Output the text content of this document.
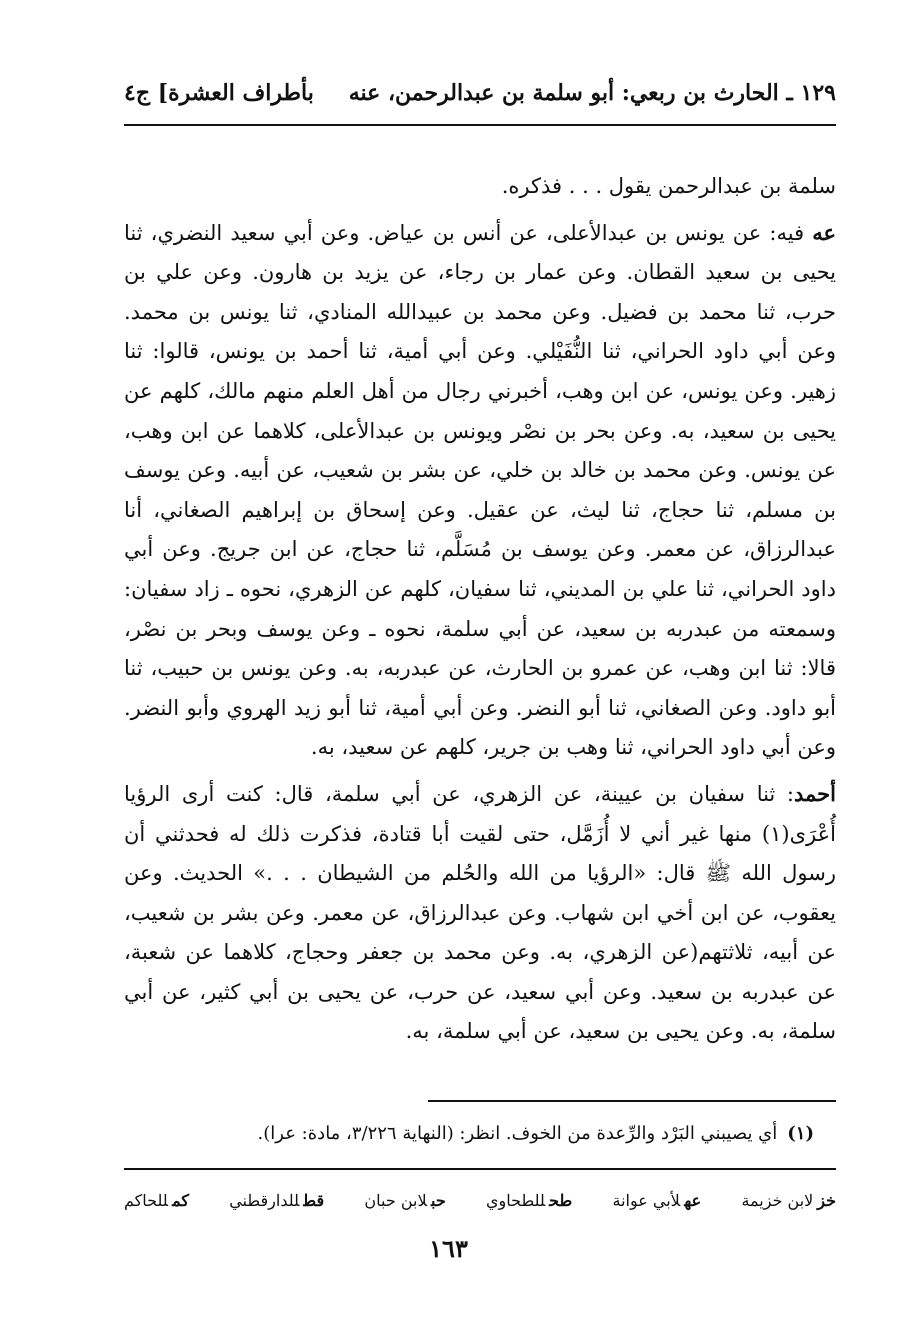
١٢٩ ـ الحارث بن ربعي: أبو سلمة بن عبدالرحمن، عنه
بأطراف العشرة] ج٤

سلمة بن عبدالرحمن يقول . . . فذكره.

عه فيه: عن يونس بن عبدالأعلى، عن أنس بن عياض. وعن أبي سعيد النضري، ثنا يحيى بن سعيد القطان. وعن عمار بن رجاء، عن يزيد بن هارون. وعن علي بن حرب، ثنا محمد بن فضيل. وعن محمد بن عبيدالله المنادي، ثنا يونس بن محمد. وعن أبي داود الحراني، ثنا النُّفَيْلي. وعن أبي أمية، ثنا أحمد بن يونس، قالوا: ثنا زهير. وعن يونس، عن ابن وهب، أخبرني رجال من أهل العلم منهم مالك، كلهم عن يحيى بن سعيد، به. وعن بحر بن نصْر ويونس بن عبدالأعلى، كلاهما عن ابن وهب، عن يونس. وعن محمد بن خالد بن خلي، عن بشر بن شعيب، عن أبيه. وعن يوسف بن مسلم، ثنا حجاج، ثنا ليث، عن عقيل. وعن إسحاق بن إبراهيم الصغاني، أنا عبدالرزاق، عن معمر. وعن يوسف بن مُسَلَّم، ثنا حجاج، عن ابن جريج. وعن أبي داود الحراني، ثنا علي بن المديني، ثنا سفيان، كلهم عن الزهري، نحوه ـ زاد سفيان: وسمعته من عبدربه بن سعيد، عن أبي سلمة، نحوه ـ وعن يوسف وبحر بن نصْر، قالا: ثنا ابن وهب، عن عمرو بن الحارث، عن عبدربه، به. وعن يونس بن حبيب، ثنا أبو داود. وعن الصغاني، ثنا أبو النضر. وعن أبي أمية، ثنا أبو زيد الهروي وأبو النضر. وعن أبي داود الحراني، ثنا وهب بن جرير، كلهم عن سعيد، به.

أحمد: ثنا سفيان بن عيينة، عن الزهري، عن أبي سلمة، قال: كنت أرى الرؤيا أُعْرَى(١) منها غير أني لا أُزَمَّل، حتى لقيت أبا قتادة، فذكرت ذلك له فحدثني أن رسول الله ﷺ قال: «الرؤيا من الله والحُلم من الشيطان . . .» الحديث. وعن يعقوب، عن ابن أخي ابن شهاب. وعن عبدالرزاق، عن معمر. وعن بشر بن شعيب، عن أبيه، ثلاثتهم(عن الزهري، به. وعن محمد بن جعفر وحجاج، كلاهما عن شعبة، عن عبدربه بن سعيد. وعن أبي سعيد، عن حرب، عن يحيى بن أبي كثير، عن أبي سلمة، به. وعن يحيى بن سعيد، عن أبي سلمة، به.

(١)أي يصيبني البَرْد والرِّعدة من الخوف. انظر: (النهاية ٣/٢٢٦، مادة: عرا).
خزلابن خزيمة
عهلأبي عوانة
طحللطحاوي
حبلابن حبان
قطللدارقطني
كمللحاكم
١٦٣
